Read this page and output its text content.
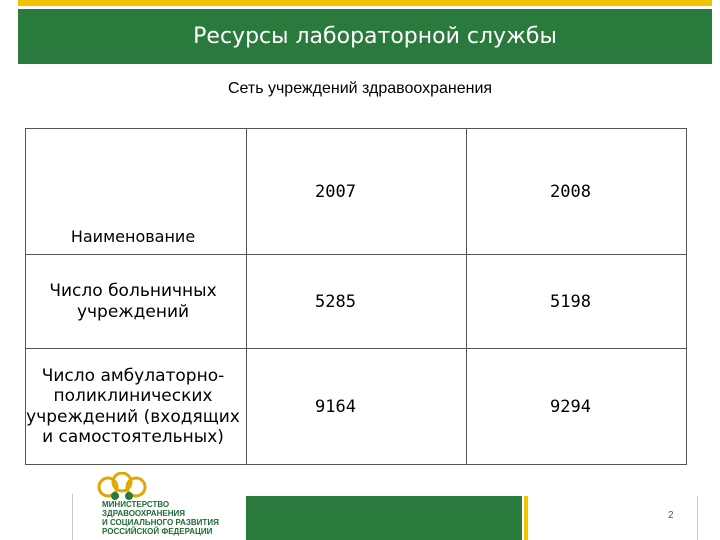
Ресурсы лабораторной службы
Сеть учреждений здравоохранения
Наименование	2007	2008
Число больничных учреждений	5285	5198
Число амбулаторно-поликлинических учреждений (входящих и самостоятельных)	9164	9294
МИНИСТЕРСТВО
ЗДРАВООХРАНЕНИЯ
И СОЦИАЛЬНОГО РАЗВИТИЯ
РОССИЙСКОЙ ФЕДЕРАЦИИ
2
